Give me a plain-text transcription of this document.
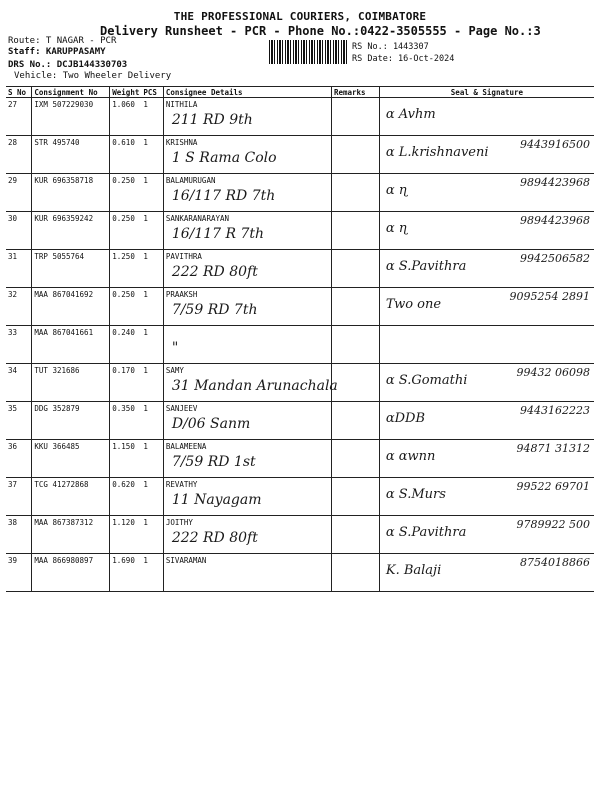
THE PROFESSIONAL COURIERS, COIMBATORE
Delivery Runsheet - PCR - Phone No.:0422-3505555 - Page No.:3
Route: T NAGAR - PCR
Staff: KARUPPASAMY
DRS No.: DCJB144330703
Vehicle: Two Wheeler Delivery
RS No.: 1443307
RS Date: 16-Oct-2024
S No	Consignment No	Weight	PCS	Consignee Details	Remarks	Seal & Signature
27	IXM 507229030	1.060	1	NITHILA
211 RD 9th		α Avhm

28	STR 495740	0.610	1	KRISHNA
1 S Rama Colo		α L.krishnaveni
9443916500

29	KUR 696358718	0.250	1	BALAMURUGAN
16/117 RD 7th		α ɳ
9894423968

30	KUR 696359242	0.250	1	SANKARANARAYAN
16/117 R 7th		α ɳ
9894423968

31	TRP 5055764	1.250	1	PAVITHRA
222 RD 80ft		α S.Pavithra
9942506582

32	MAA 867041692	0.250	1	PRAAKSH
7/59 RD 7th		Two one
9095254 2891

33	MAA 867041661	0.240	1	"		

34	TUT 321686	0.170	1	SAMY
31 Mandan Arunachala		α S.Gomathi
99432 06098

35	DDG 352879	0.350	1	SANJEEV
D/06 Sanm		αDDB
9443162223

36	KKU 366485	1.150	1	BALAMEENA
7/59 RD 1st		α ɑwnn
94871 31312

37	TCG 41272868	0.620	1	REVATHY
11 Nayagam		α S.Murs
99522 69701

38	MAA 867387312	1.120	1	JOITHY
222 RD 80ft		α S.Pavithra
9789922 500

39	MAA 866980897	1.690	1	SIVARAMAN		K. Balaji
8754018866
